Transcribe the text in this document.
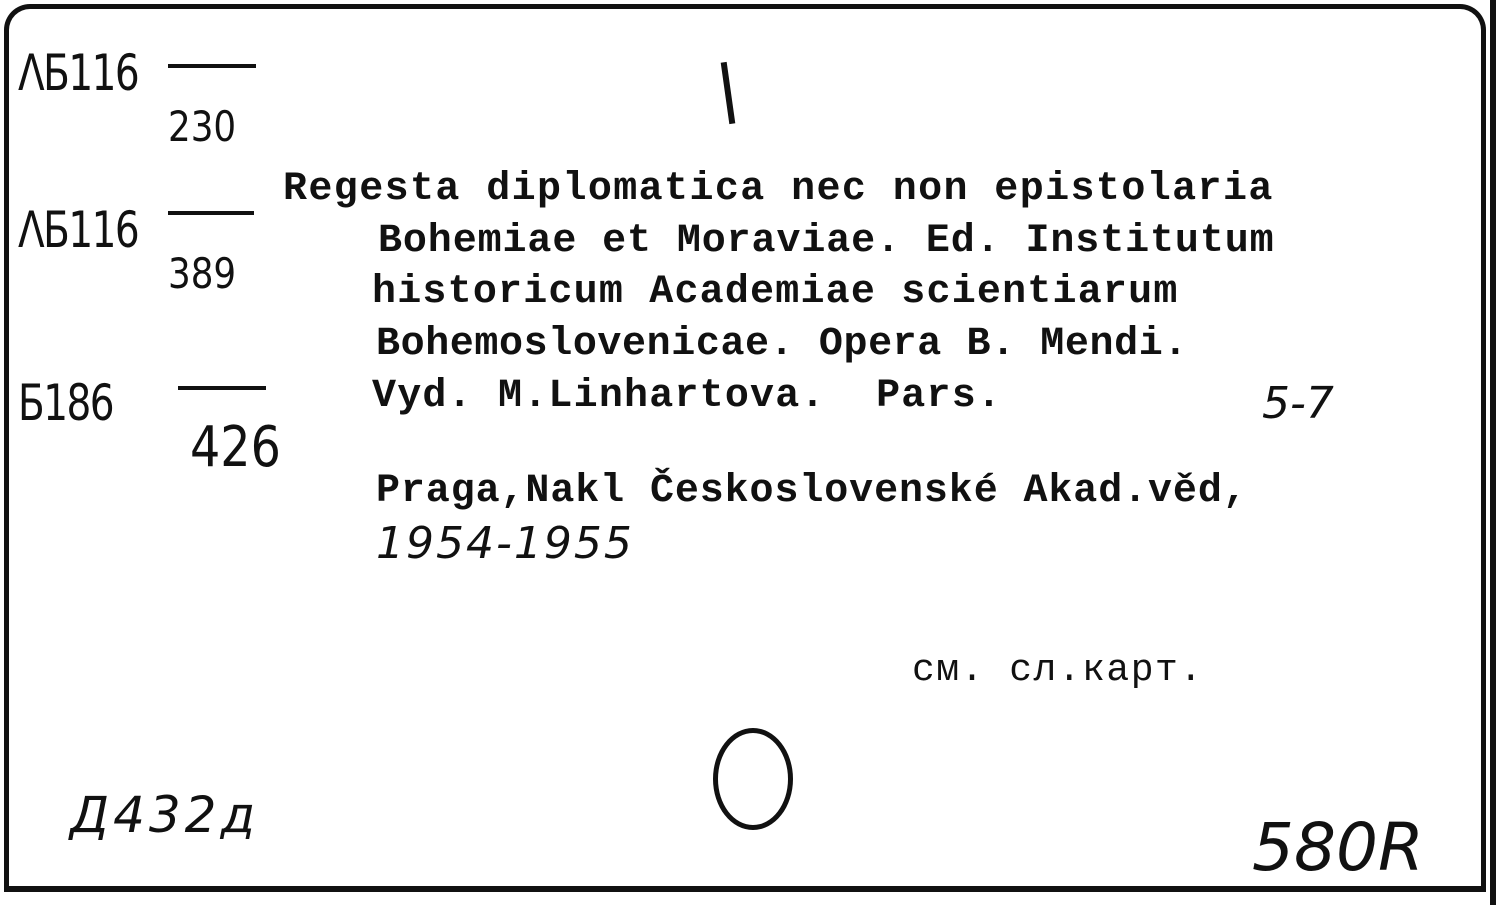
ΛБ116
230
ΛБ116
389
Б186
426
Regesta diplomatica nec non epistolaria
Bohemiae et Moraviae. Ed. Institutum
historicum Academiae scientiarum
Bohemoslovenicae. Opera B. Mendi.
Vyd. M.Linhartova.  Pars.	5-7
Praga,Nakl Československé Akad.věd,
1954-1955
см. сл.карт.
Д432д	580R
